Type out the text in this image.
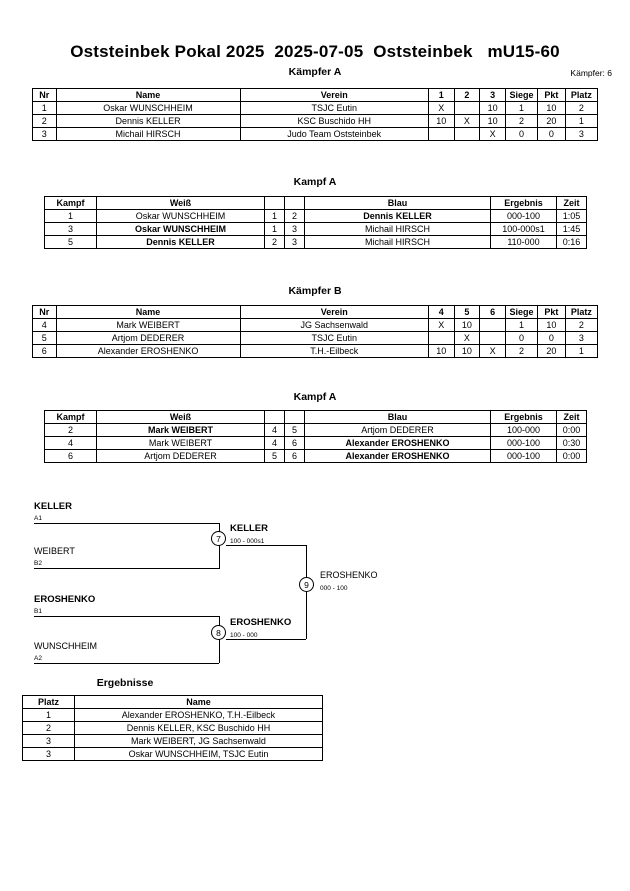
Oststeinbek Pokal 2025  2025-07-05  Oststeinbek   mU15-60
Kämpfer: 6
Kämpfer A
Nr	Name	Verein	1	2	3	Siege	Pkt	Platz
1	Oskar WUNSCHHEIM	TSJC Eutin	X		10	1	10	2
2	Dennis KELLER	KSC Buschido HH	10	X	10	2	20	1
3	Michail HIRSCH	Judo Team Oststeinbek			X	0	0	3
Kampf A
Kampf	Weiß			Blau	Ergebnis	Zeit
1	Oskar WUNSCHHEIM	1	2	Dennis KELLER	000-100	1:05
3	Oskar WUNSCHHEIM	1	3	Michail HIRSCH	100-000s1	1:45
5	Dennis KELLER	2	3	Michail HIRSCH	110-000	0:16
Kämpfer B
Nr	Name	Verein	4	5	6	Siege	Pkt	Platz
4	Mark WEIBERT	JG Sachsenwald	X	10		1	10	2
5	Artjom DEDERER	TSJC Eutin		X		0	0	3
6	Alexander EROSHENKO	T.H.-Eilbeck	10	10	X	2	20	1
Kampf A
Kampf	Weiß			Blau	Ergebnis	Zeit
2	Mark WEIBERT	4	5	Artjom DEDERER	100-000	0:00
4	Mark WEIBERT	4	6	Alexander EROSHENKO	000-100	0:30
6	Artjom DEDERER	5	6	Alexander EROSHENKO	000-100	0:00
KELLER
A1
WEIBERT
B2
7
KELLER
100 - 000s1
EROSHENKO
B1
WUNSCHHEIM
A2
8
EROSHENKO
100 - 000
9
EROSHENKO
000 - 100
Ergebnisse
Platz	Name
1	Alexander EROSHENKO, T.H.-Eilbeck
2	Dennis KELLER, KSC Buschido HH
3	Mark WEIBERT, JG Sachsenwald
3	Oskar WUNSCHHEIM, TSJC Eutin
